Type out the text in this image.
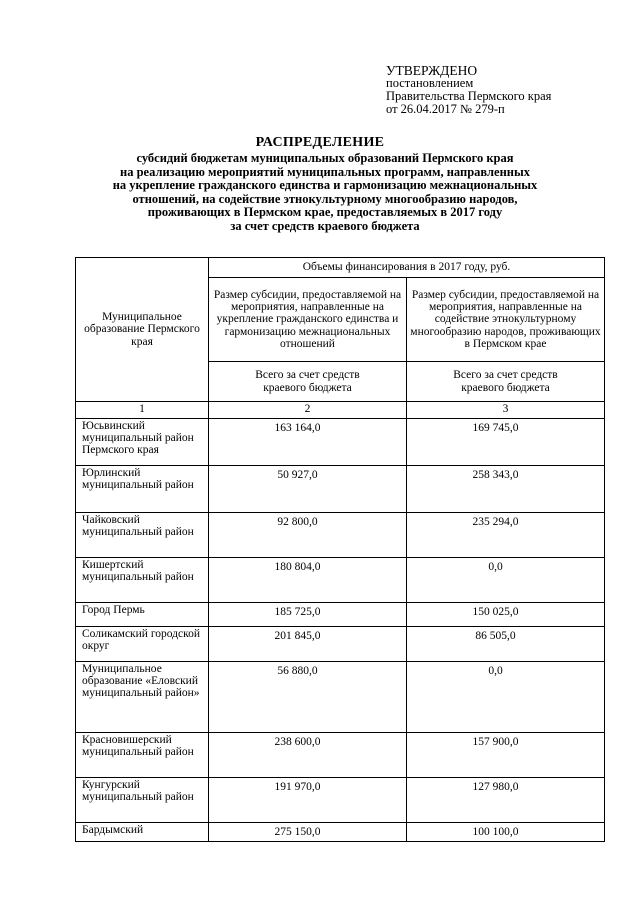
УТВЕРЖДЕНО
постановлением
Правительства Пермского края
от 26.04.2017 № 279-п
РАСПРЕДЕЛЕНИЕ
субсидий бюджетам муниципальных образований Пермского края
на реализацию мероприятий муниципальных программ, направленных
на укрепление гражданского единства и гармонизацию межнациональных
отношений, на содействие этнокультурному многообразию народов,
проживающих в Пермском крае, предоставляемых в 2017 году
за счет средств краевого бюджета
Муниципальное образование Пермского края	Объемы финансирования в 2017 году, руб.	
	Размер субсидии, предоставляемой на мероприятия, направленные на укрепление гражданского единства и гармонизацию межнациональных отношений	Размер субсидии, предоставляемой на мероприятия, направленные на содействие этнокультурному многообразию народов, проживающих в Пермском крае
	Всего за счет средств краевого бюджета	Всего за счет средств краевого бюджета
1	2	3
Юсьвинский муниципальный район Пермского края	163 164,0	169 745,0
Юрлинский муниципальный район	50 927,0	258 343,0
Чайковский муниципальный район	92 800,0	235 294,0
Кишертский муниципальный район	180 804,0	0,0
Город Пермь	185 725,0	150 025,0
Соликамский городской округ	201 845,0	86 505,0
Муниципальное образование «Еловский муниципальный район»	56 880,0	0,0
Красновишерский муниципальный район	238 600,0	157 900,0
Кунгурский муниципальный район	191 970,0	127 980,0
Бардымский	275 150,0	100 100,0
